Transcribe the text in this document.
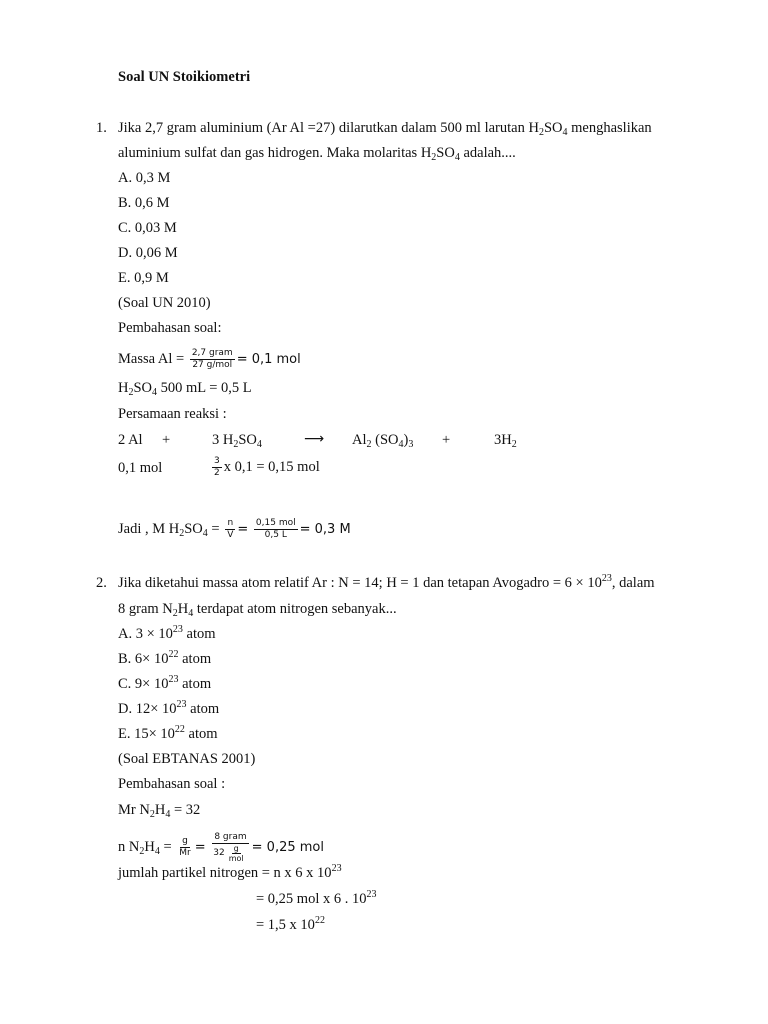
Soal UN Stoikiometri
1. Jika 2,7 gram aluminium (Ar Al =27) dilarutkan dalam 500 ml larutan $H_2SO_4$ menghaslikan
aluminium sulfat dan gas hidrogen. Maka molaritas $H_2SO_4$ adalah....
A. 0,3 M
B. 0,6 M
C. 0,03 M
D. 0,06 M
E. 0,9 M
(Soal UN 2010)
Pembahasan soal:
Massa $Al = \frac{\text{2,7 gram}}{\text{27 g/mol}} = 0,1$ mol
$H_2SO_4$ 500 mL = 0,5 L
Persamaan reaksi :
2 Al +	3 $H_2SO_4$	⟶ $Al_2$ $(SO_4)_3$ +	$3H_2$
0,1 mol	$\frac{3}{2}$ x 0,1 = 0,15 mol
Jadi , M $H_2SO_4 = \frac{n}{V} = \frac{\text{0,15 mol}}{0,5 L} = 0,3$ M
2. Jika diketahui massa atom relatif Ar : N = 14; H = 1 dan tetapan Avogadro = $6 \times 10^{23}$, dalam
8 gram $N_2H_4$ terdapat atom nitrogen sebanyak...
A. $3 \times 10^{23}$ atom
B. $6\times 10^{22}$ atom
C. $9\times 10^{23}$ atom
D. $12\times 10^{23}$ atom
E. $15\times 10^{22}$ atom
(Soal EBTANAS 2001)
Pembahasan soal :
Mr $N_2H_4 = 32$
n $N_2H_4 = \frac{g}{Mr} = \frac{\text{8 gram}}{32 \frac{g}{\text{mol}}} = 0,25$ mol
jumlah partikel nitrogen = n x 6 x $10^{23}$
= 0,25 mol x 6 . $10^{23}$
= 1,5 x $10^{22}$
